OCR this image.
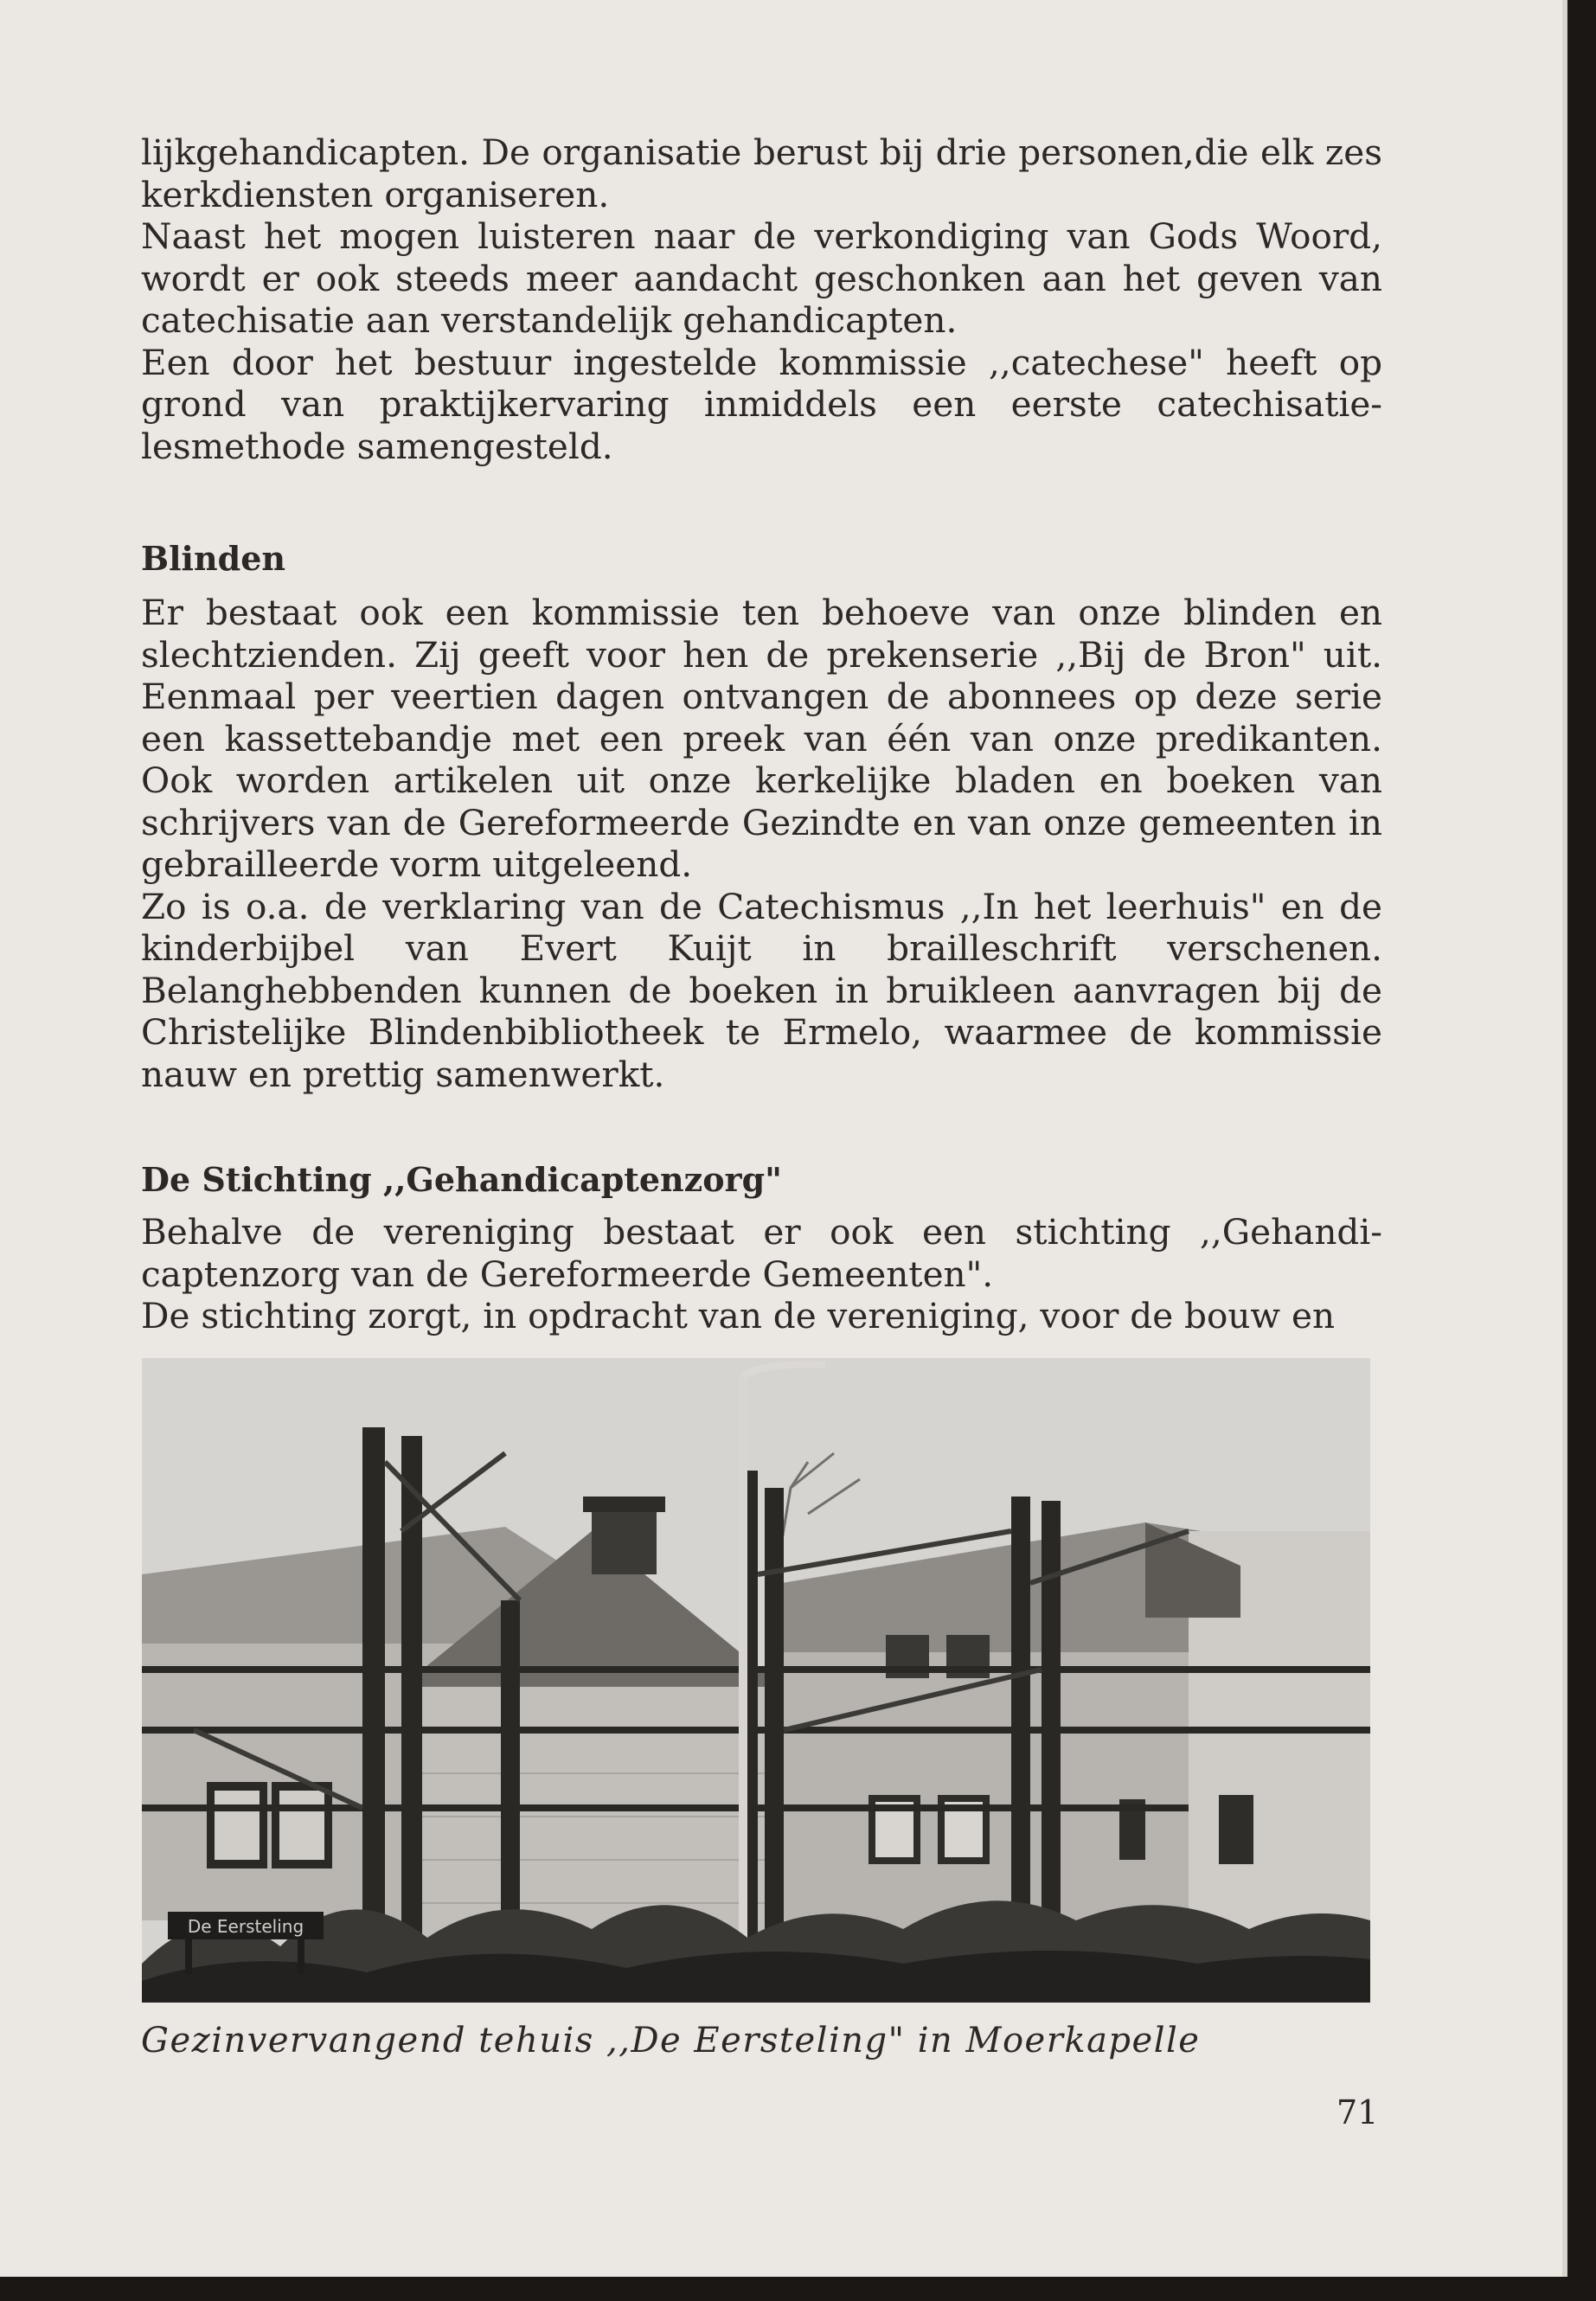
lijkgehandicapten. De organisatie berust bij drie personen,die elk zes kerkdiensten organiseren.

Naast het mogen luisteren naar de verkondiging van Gods Woord, wordt er ook steeds meer aandacht geschonken aan het geven van catechisatie aan verstandelijk gehandicapten.

Een door het bestuur ingestelde kommissie ,,catechese" heeft op grond van praktijkervaring inmiddels een eerste catechisatie-lesmethode samengesteld.

Blinden

Er bestaat ook een kommissie ten behoeve van onze blinden en slechtzienden. Zij geeft voor hen de prekenserie ,,Bij de Bron" uit. Eenmaal per veertien dagen ontvangen de abonnees op deze serie een kassettebandje met een preek van één van onze predikanten. Ook worden artikelen uit onze kerkelijke bladen en boeken van schrijvers van de Gereformeerde Gezindte en van onze gemeenten in gebrailleerde vorm uitgeleend.

Zo is o.a. de verklaring van de Catechismus ,,In het leerhuis" en de kinderbijbel van Evert Kuijt in brailleschrift verschenen. Belanghebbenden kunnen de boeken in bruikleen aanvragen bij de Christelijke Blindenbibliotheek te Ermelo, waarmee de kommissie nauw en prettig samenwerkt.

De Stichting ,,Gehandicaptenzorg"

Behalve de vereniging bestaat er ook een stichting ,,Gehandi-captenzorg van de Gereformeerde Gemeenten".

De stichting zorgt, in opdracht van de vereniging, voor de bouw en

De Eersteling
Gezinvervangend tehuis ,,De Eersteling" in Moerkapelle
71
